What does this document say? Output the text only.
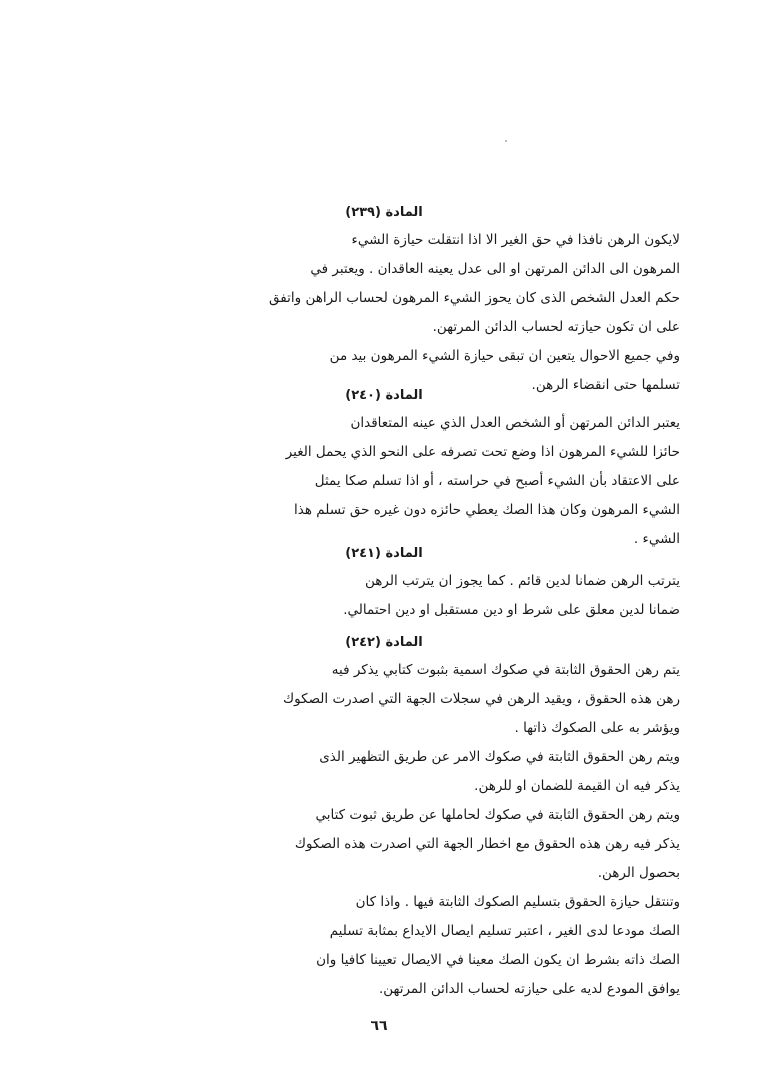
المادة (٢٣٩)
لايكون الرهن نافذا في حق الغير الا اذا انتقلت حيازة الشيء
المرهون الى الدائن المرتهن او الى عدل يعينه العاقدان . ويعتبر في
حكم العدل الشخص الذى كان يحوز الشيء المرهون لحساب الراهن واتفق
على ان تكون حيازته لحساب الدائن المرتهن.
وفي جميع الاحوال يتعين ان تبقى حيازة الشيء المرهون بيد من
تسلمها حتى انقضاء الرهن.
المادة (٢٤٠)
يعتبر الدائن المرتهن أو الشخص العدل الذي عينه المتعاقدان
حائزا للشيء المرهون اذا وضع تحت تصرفه على النحو الذي يحمل الغير
على الاعتقاد بأن الشيء أصبح في حراسته ، أو اذا تسلم صكا يمثل
الشيء المرهون وكان هذا الصك يعطي حائزه دون غيره حق تسلم هذا
الشيء .
المادة (٢٤١)
يترتب الرهن ضمانا لدين قائم . كما يجوز ان يترتب الرهن
ضمانا لدين معلق على شرط او دين مستقبل او دين احتمالي.
المادة (٢٤٢)
يتم رهن الحقوق الثابتة في صكوك اسمية بثبوت كتابي يذكر فيه
رهن هذه الحقوق ، ويقيد الرهن في سجلات الجهة التي اصدرت الصكوك
ويؤشر به على الصكوك ذاتها .
ويتم رهن الحقوق الثابتة في صكوك الامر عن طريق التظهير الذى
يذكر فيه ان القيمة للضمان او للرهن.
ويتم رهن الحقوق الثابتة في صكوك لحاملها عن طريق ثبوت كتابي
يذكر فيه رهن هذه الحقوق مع اخطار الجهة التي اصدرت هذه الصكوك
بحصول الرهن.
وتنتقل حيازة الحقوق بتسليم الصكوك الثابتة فيها . واذا كان
الصك مودعا لدى الغير ، اعتبر تسليم ايصال الايداع بمثابة تسليم
الصك ذاته بشرط ان يكون الصك معينا في الايصال تعيينا كافيا وان
يوافق المودع لديه على حيازته لحساب الدائن المرتهن.
٦٦
